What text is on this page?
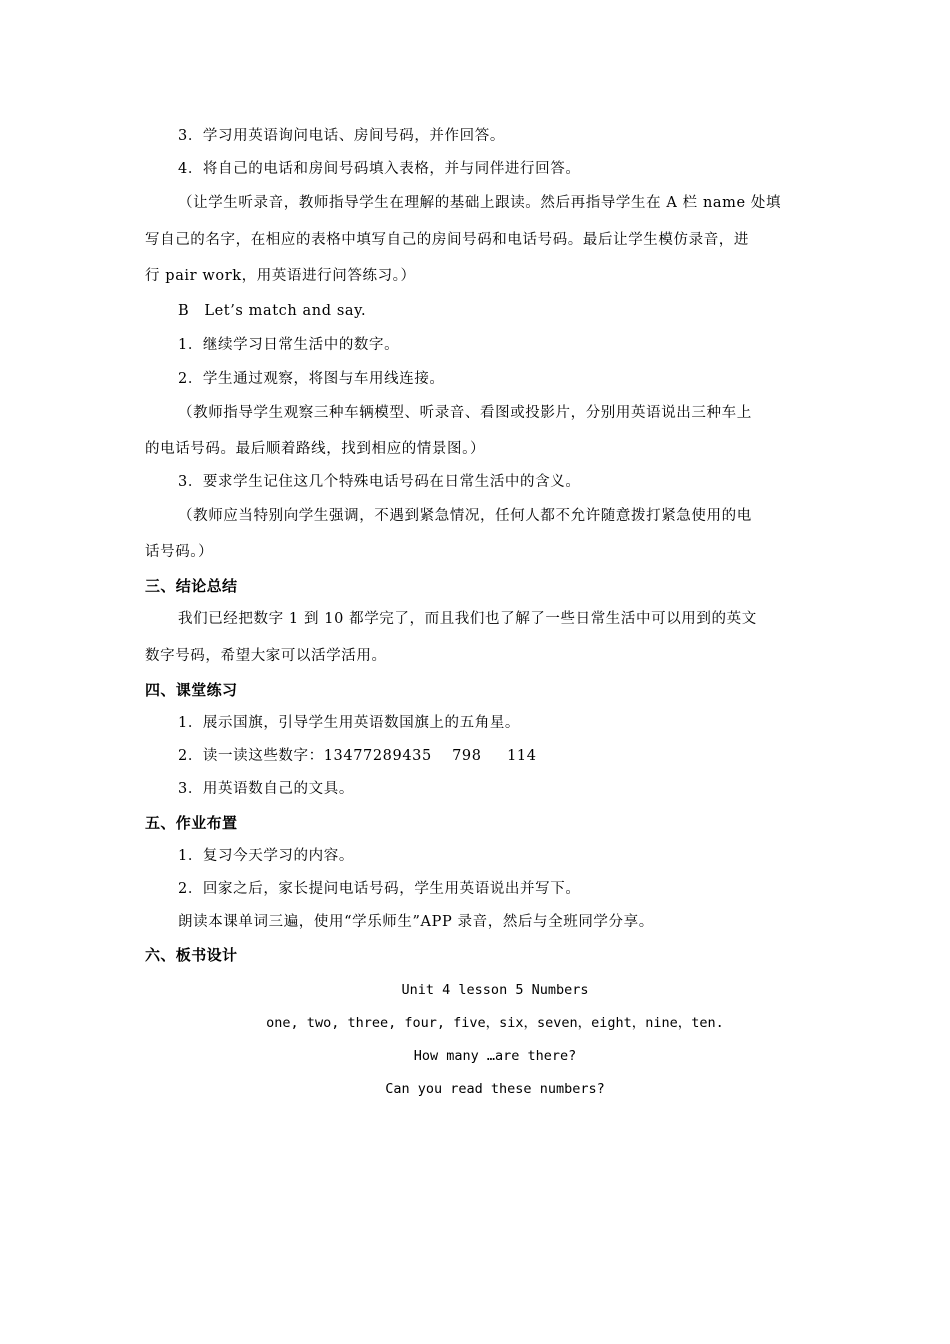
3．学习用英语询问电话、房间号码，并作回答。
4．将自己的电话和房间号码填入表格，并与同伴进行回答。
（让学生听录音，教师指导学生在理解的基础上跟读。然后再指导学生在 A 栏 name 处填
写自己的名字，在相应的表格中填写自己的房间号码和电话号码。最后让学生模仿录音，进
行 pair work，用英语进行问答练习。）
B　Let’s match and say.
1．继续学习日常生活中的数字。
2．学生通过观察，将图与车用线连接。
（教师指导学生观察三种车辆模型、听录音、看图或投影片，分别用英语说出三种车上
的电话号码。最后顺着路线，找到相应的情景图。）
3．要求学生记住这几个特殊电话号码在日常生活中的含义。
（教师应当特别向学生强调，不遇到紧急情况，任何人都不允许随意拨打紧急使用的电
话号码。）
三、结论总结
我们已经把数字 1 到 10 都学完了，而且我们也了解了一些日常生活中可以用到的英文
数字号码，希望大家可以活学活用。
四、课堂练习
1．展示国旗，引导学生用英语数国旗上的五角星。
2．读一读这些数字：13477289435　 798 　 114
3．用英语数自己的文具。
五、作业布置
1．复习今天学习的内容。
2．回家之后，家长提问电话号码，学生用英语说出并写下。
朗读本课单词三遍，使用“学乐师生”APP 录音，然后与全班同学分享。
六、板书设计
Unit 4 lesson 5 Numbers
one, two, three, four, five，six，seven，eight，nine，ten.
How many …are there?
Can you read these numbers?
